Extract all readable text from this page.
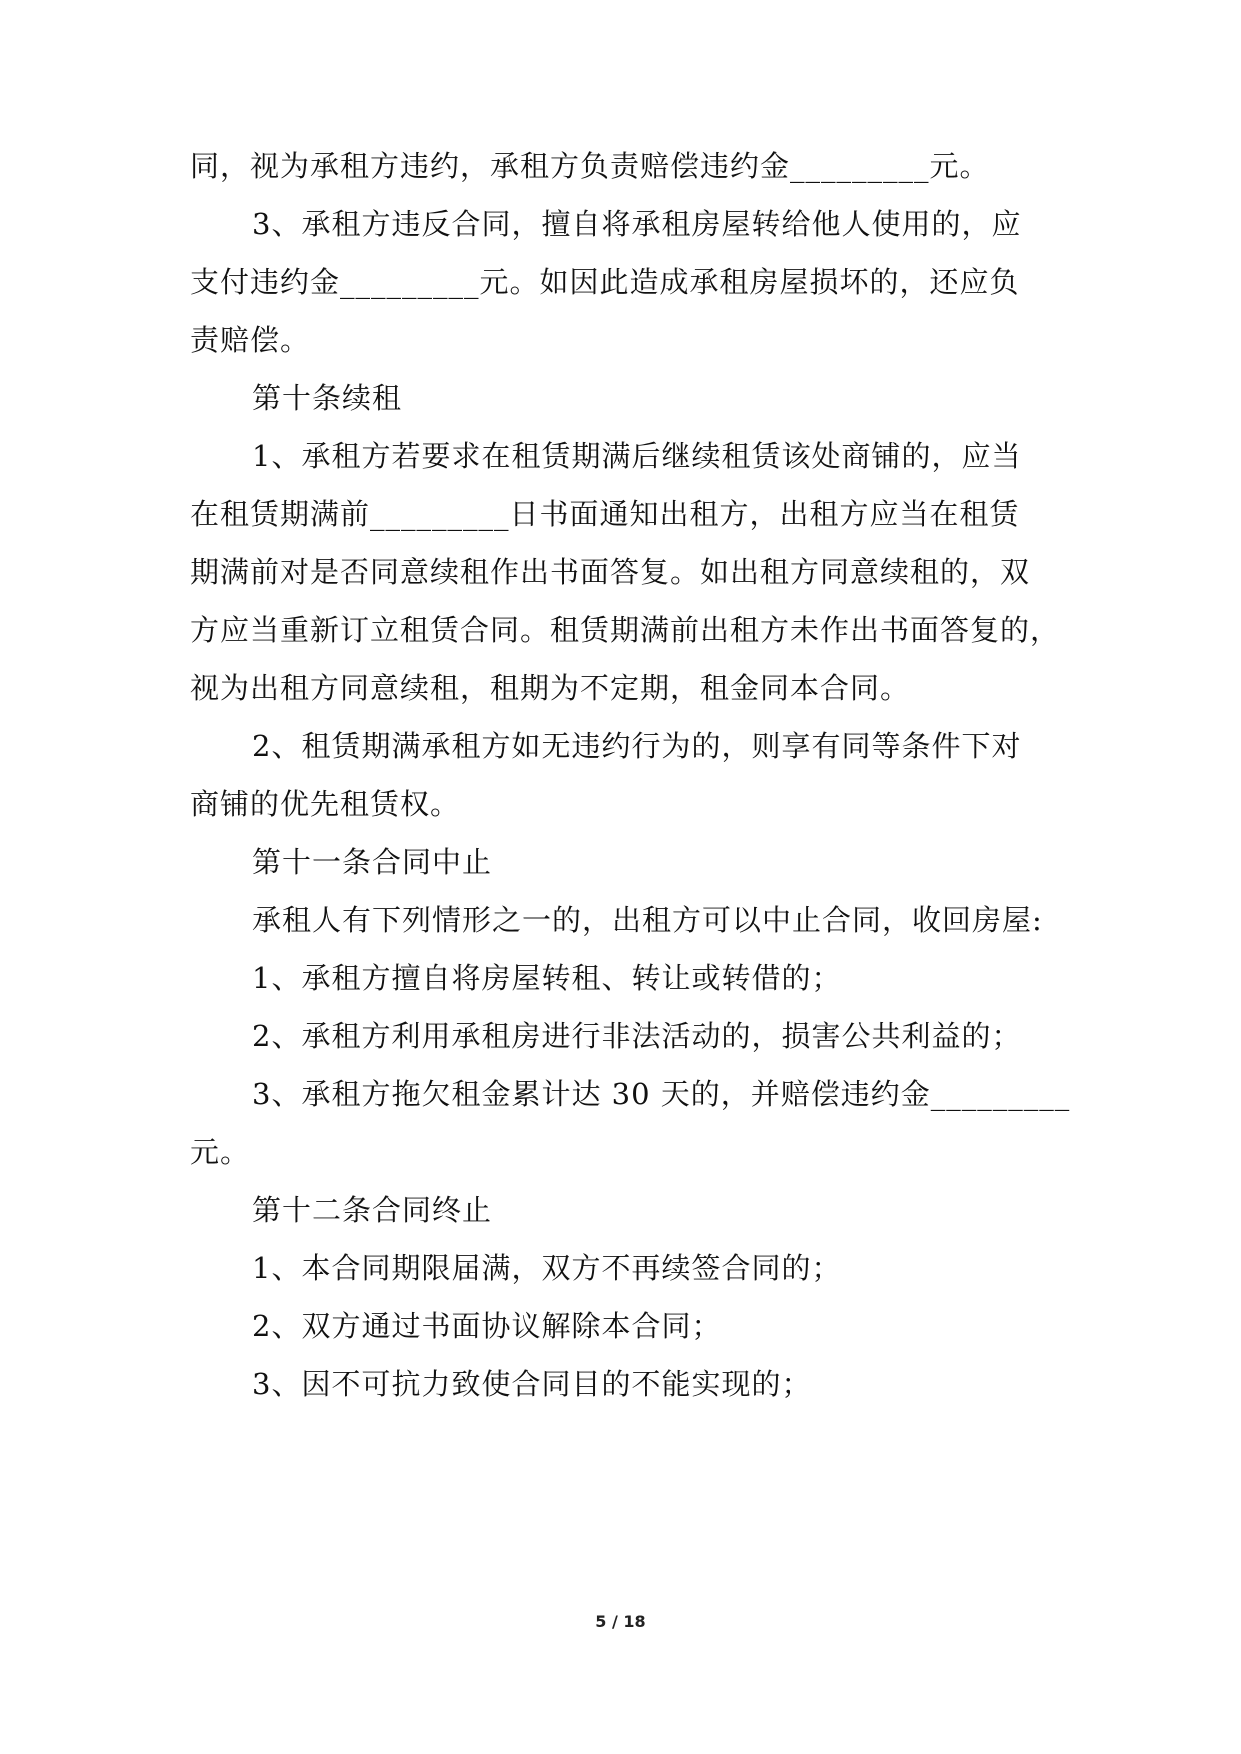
同，视为承租方违约，承租方负责赔偿违约金_________元。
3、承租方违反合同，擅自将承租房屋转给他人使用的，应
支付违约金_________元。如因此造成承租房屋损坏的，还应负
责赔偿。
第十条续租
1、承租方若要求在租赁期满后继续租赁该处商铺的，应当
在租赁期满前_________日书面通知出租方，出租方应当在租赁
期满前对是否同意续租作出书面答复。如出租方同意续租的，双
方应当重新订立租赁合同。租赁期满前出租方未作出书面答复的，
视为出租方同意续租，租期为不定期，租金同本合同。
2、租赁期满承租方如无违约行为的，则享有同等条件下对
商铺的优先租赁权。
第十一条合同中止
承租人有下列情形之一的，出租方可以中止合同，收回房屋:
1、承租方擅自将房屋转租、转让或转借的；
2、承租方利用承租房进行非法活动的，损害公共利益的；
3、承租方拖欠租金累计达 30 天的，并赔偿违约金_________
元。
第十二条合同终止
1、本合同期限届满，双方不再续签合同的；
2、双方通过书面协议解除本合同；
3、因不可抗力致使合同目的不能实现的；
5 / 18
